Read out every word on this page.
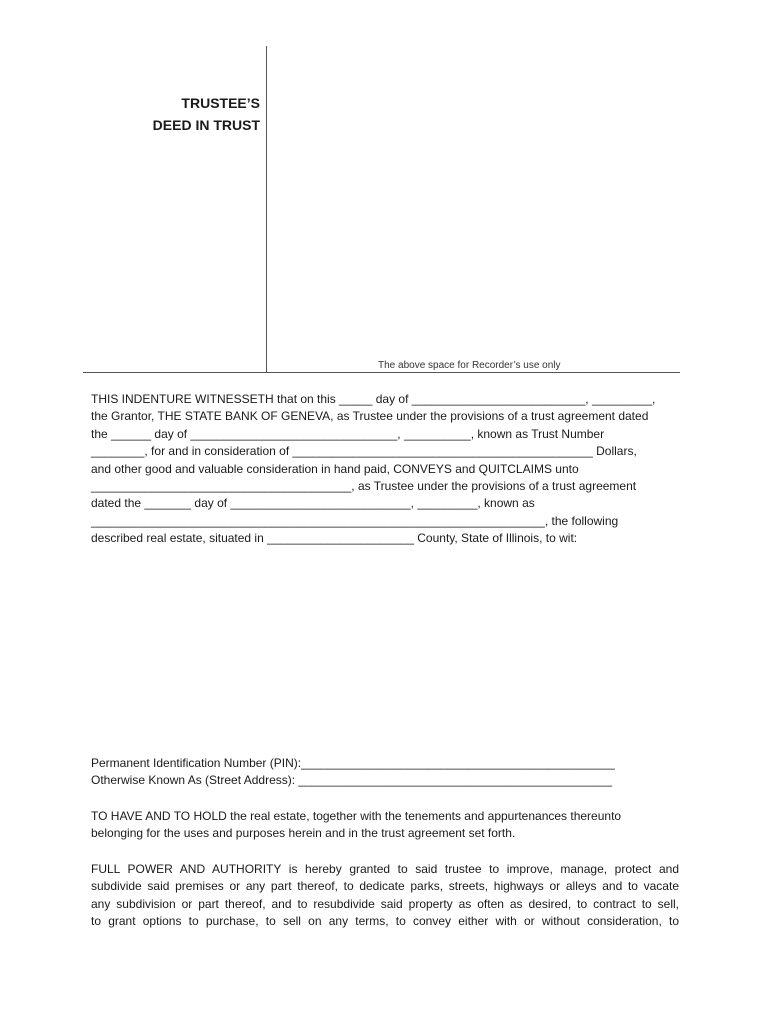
TRUSTEE’S
DEED IN TRUST
The above space for Recorder’s use only
THIS INDENTURE WITNESSETH that on this _____ day of __________________________, _________,
the Grantor, THE STATE BANK OF GENEVA, as Trustee under the provisions of a trust agreement dated
the ______ day of _______________________________, __________, known as Trust Number
________, for and in consideration of _____________________________________________ Dollars,
and other good and valuable consideration in hand paid, CONVEYS and QUITCLAIMS unto
_______________________________________, as Trustee under the provisions of a trust agreement
dated the _______ day of ___________________________, _________, known as
____________________________________________________________________, the following
described real estate, situated in ______________________ County, State of Illinois, to wit:
Permanent Identification Number (PIN):_______________________________________________
Otherwise Known As (Street Address): _______________________________________________
TO HAVE AND TO HOLD the real estate, together with the tenements and appurtenances thereunto
belonging for the uses and purposes herein and in the trust agreement set forth.
FULL POWER AND AUTHORITY is hereby granted to said trustee to improve, manage, protect and
subdivide said premises or any part thereof, to dedicate parks, streets, highways or alleys and to vacate
any subdivision or part thereof, and to resubdivide said property as often as desired, to contract to sell,
to grant options to purchase, to sell on any terms, to convey either with or without consideration, to
